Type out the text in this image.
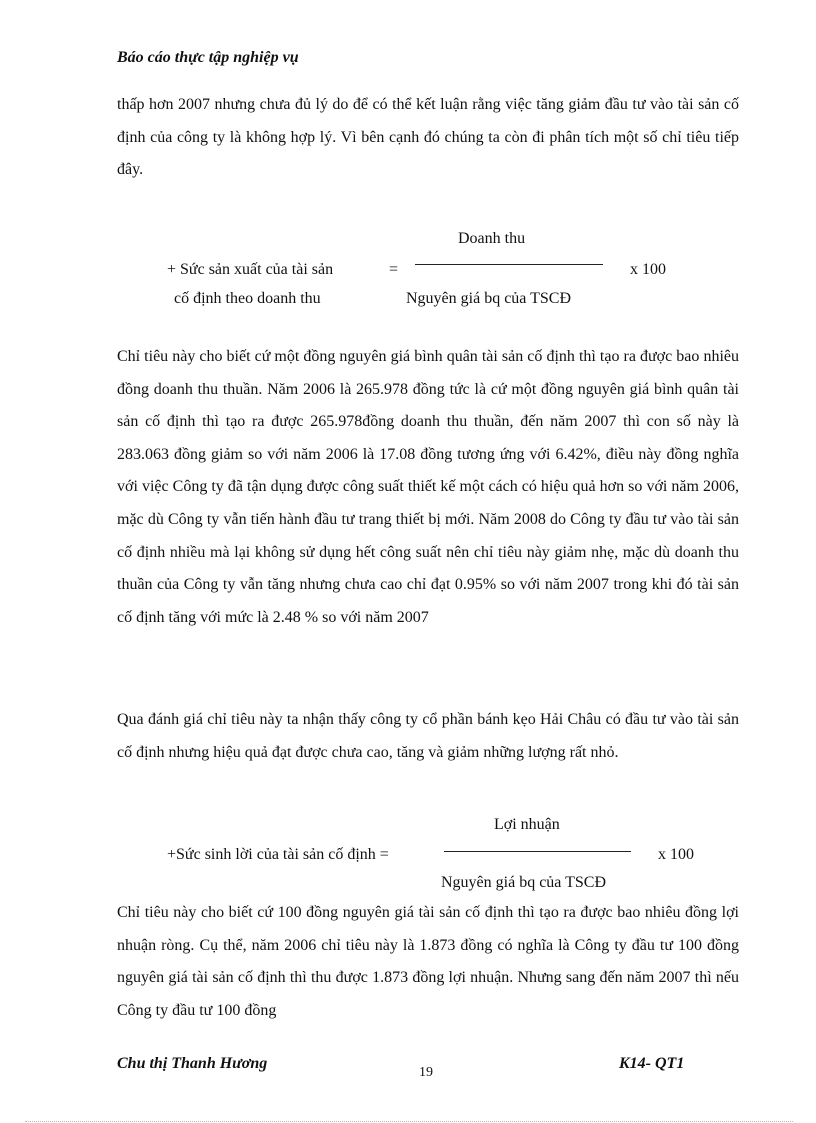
Báo cáo thực tập nghiệp vụ

thấp hơn 2007 nhưng chưa đủ lý do để có thể kết luận rằng việc tăng giảm đầu tư vào tài sản cố định của công ty là không hợp lý. Vì bên cạnh đó chúng ta còn đi phân tích một số chỉ tiêu tiếp đây.

+ Sức sản xuất của tài sản
cố định theo doanh thu
=
Doanh thu
Nguyên giá bq của TSCĐ
x 100

Chỉ tiêu này cho biết cứ một đồng nguyên giá bình quân tài sản cố định thì tạo ra được bao nhiêu đồng doanh thu thuần. Năm 2006 là 265.978 đồng tức là cứ một đồng nguyên giá bình quân tài sản cố định thì tạo ra được 265.978đồng doanh thu thuần, đến năm 2007 thì con số này là 283.063 đồng giảm so với năm 2006 là 17.08 đồng tương ứng với 6.42%, điều này đồng nghĩa với việc Công ty đã tận dụng được công suất thiết kế một cách có hiệu quả hơn so với năm 2006, mặc dù Công ty vẫn tiến hành đầu tư trang thiết bị mới. Năm 2008 do Công ty đầu tư vào tài sản cố định nhiều mà lại không sử dụng hết công suất nên chỉ tiêu này giảm nhẹ, mặc dù doanh thu thuần của Công ty vẫn tăng nhưng chưa cao chỉ đạt 0.95% so với năm 2007 trong khi đó tài sản cố định tăng với mức là 2.48 % so với năm 2007

Qua đánh giá chỉ tiêu này ta nhận thấy công ty cổ phần bánh kẹo Hải Châu có đầu tư vào tài sản cố định nhưng hiệu quả đạt được chưa cao, tăng và giảm những lượng rất nhỏ.

Lợi nhuận
+Sức sinh lời của tài sản cố định =	x 100
Nguyên giá bq của TSCĐ

Chỉ tiêu này cho biết cứ 100 đồng nguyên giá tài sản cố định thì tạo ra được bao nhiêu đồng lợi nhuận ròng. Cụ thể, năm 2006 chỉ tiêu này là 1.873 đồng có nghĩa là Công ty đầu tư 100 đồng nguyên giá tài sản cố định thì thu được 1.873 đồng lợi nhuận. Nhưng sang đến năm 2007 thì nếu Công ty đầu tư 100 đồng

Chu thị Thanh Hương
19
K14- QT1
